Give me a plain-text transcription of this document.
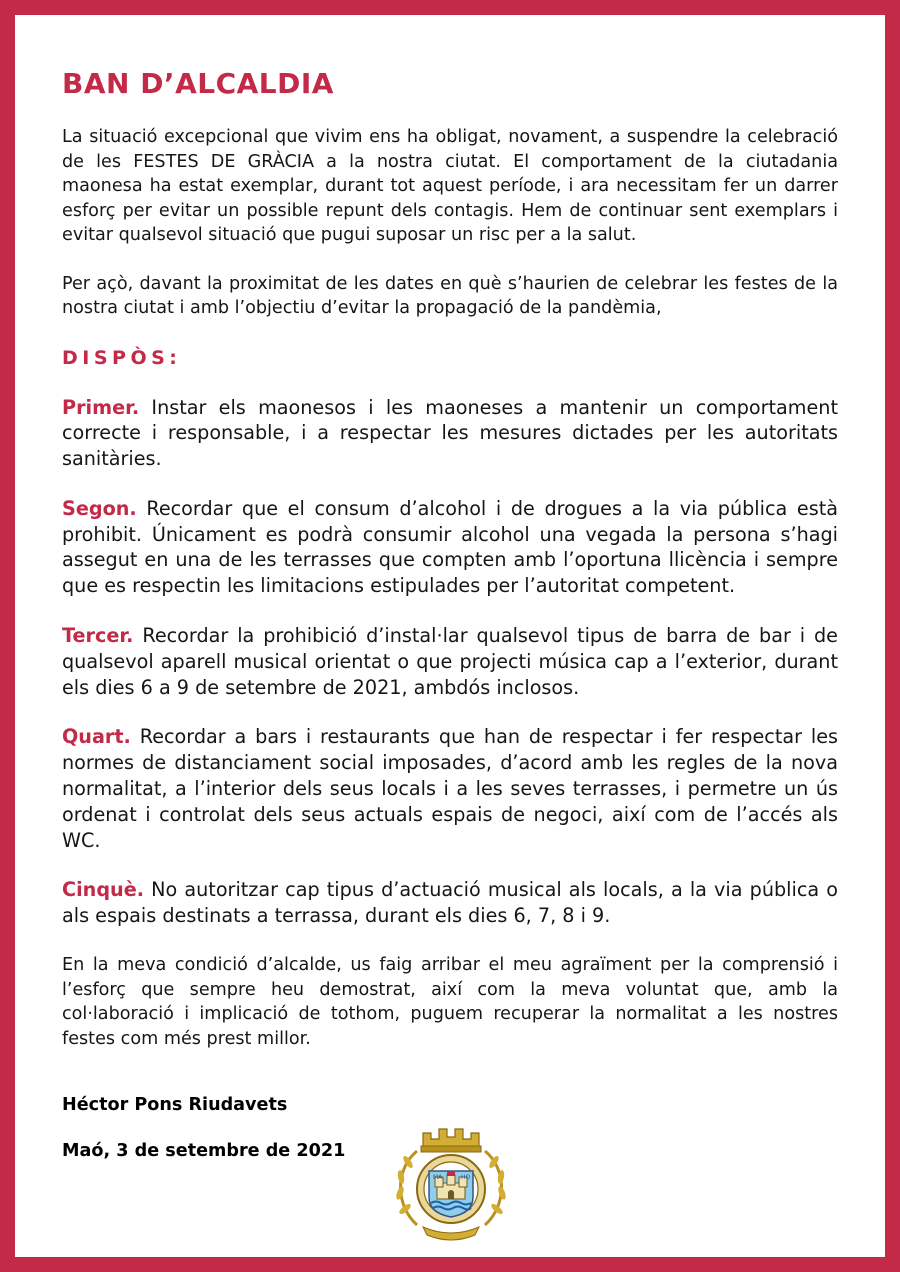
BAN D’ALCALDIA

La situació excepcional que vivim ens ha obligat, novament, a suspendre la celebració de les FESTES DE GRÀCIA a la nostra ciutat. El comportament de la ciutadania maonesa ha estat exemplar, durant tot aquest període, i ara necessitam fer un darrer esforç per evitar un possible repunt dels contagis. Hem de continuar sent exemplars i evitar qualsevol situació que pugui suposar un risc per a la salut.

Per açò, davant la proximitat de les dates en què s’haurien de celebrar les festes de la nostra ciutat i amb l’objectiu d’evitar la propagació de la pandèmia,

DISPÒS:

Primer. Instar els maonesos i les maoneses a mantenir un comportament correcte i responsable, i a respectar les mesures dictades per les autoritats sanitàries.

Segon. Recordar que el consum d’alcohol i de drogues a la via pública està prohibit. Únicament es podrà consumir alcohol una vegada la persona s’hagi assegut en una de les terrasses que compten amb l’oportuna llicència i sempre que es respectin les limitacions estipulades per l’autoritat competent.

Tercer. Recordar la prohibició d’instal·lar qualsevol tipus de barra de bar i de qualsevol aparell musical orientat o que projecti música cap a l’exterior, durant els dies 6 a 9 de setembre de 2021, ambdós inclosos.

Quart. Recordar a bars i restaurants que han de respectar i fer respectar les normes de distanciament social imposades, d’acord amb les regles de la nova normalitat, a l’interior dels seus locals i a les seves terrasses, i permetre un ús ordenat i controlat dels seus actuals espais de negoci, així com de l’accés als WC.

Cinquè. No autoritzar cap tipus d’actuació musical als locals, a la via pública o als espais destinats a terrassa, durant els dies 6, 7, 8 i 9.

En la meva condició d’alcalde, us faig arribar el meu agraïment per la comprensió i l’esforç que sempre heu demostrat, així com la meva voluntat que, amb la col·laboració i implicació de tothom, puguem recuperar la normalitat a les nostres festes com més prest millor.

Héctor Pons Riudavets

Maó, 3 de setembre de 2021

MA	HO
